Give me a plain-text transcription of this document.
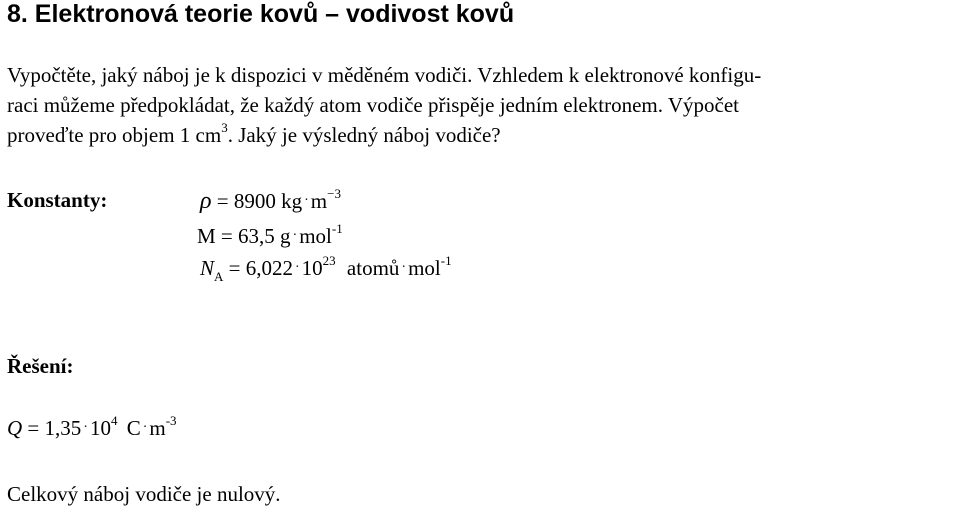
8. Elektronová teorie kovů – vodivost kovů
Vypočtěte, jaký náboj je k dispozici v měděném vodiči. Vzhledem k elektronové konfigu-
raci můžeme předpokládat, že každý atom vodiče přispěje jedním elektronem. Výpočet
proveďte pro objem 1 $cm^3$. Jaký je výsledný náboj vodiče?
Konstanty:	ρ = 8900 kg $\cdot m^{-3}$
M = 63,5 g ·mol$^{-1}$
$N_A = 6,022 \cdot 10^{23}$ atomů ·mol$^{-1}$
Řešení:
$Q = 1,35 \cdot 10^4$ $C \cdot m^{-3}$
Celkový náboj vodiče je nulový.
